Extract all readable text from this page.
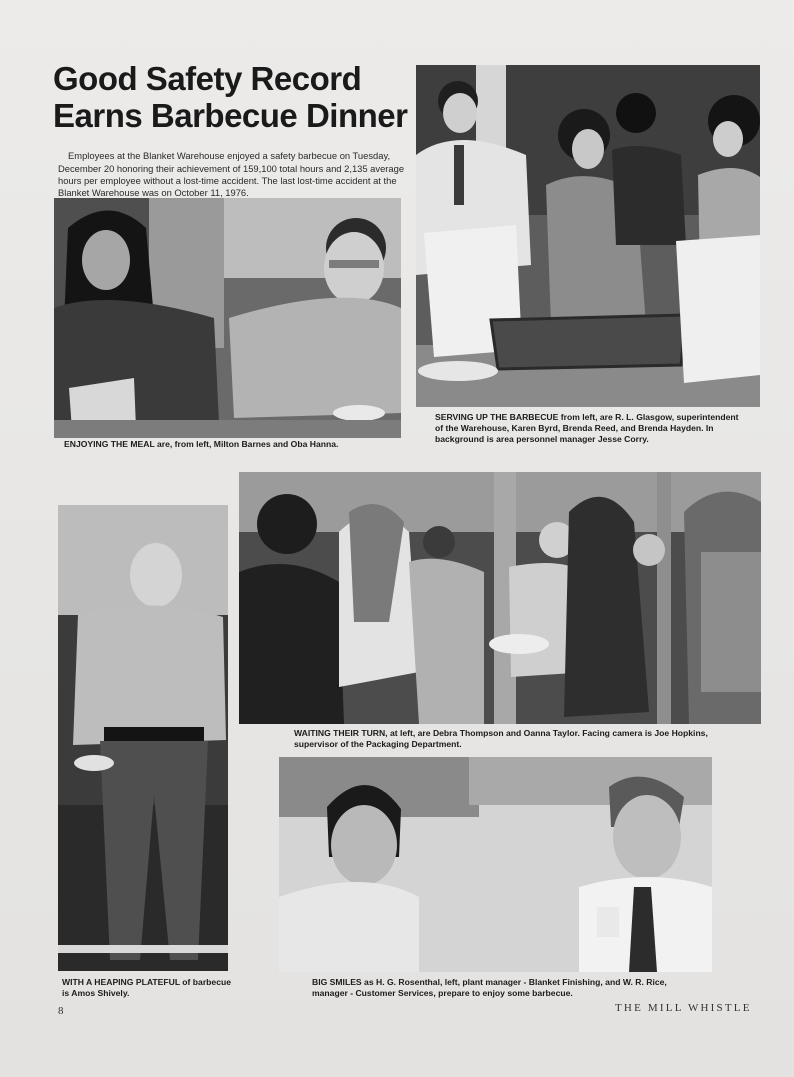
Good Safety Record
Earns Barbecue Dinner

Employees at the Blanket Warehouse enjoyed a safety barbecue on Tuesday, December 20 honoring their achievement of 159,100 total hours and 2,135 average hours per employee without a lost-time accident. The last lost-time accident at the Blanket Warehouse was on October 11, 1976.

SERVING UP THE BARBECUE from left, are R. L. Glasgow, superintendent of the Warehouse, Karen Byrd, Brenda Reed, and Brenda Hayden. In background is area personnel manager Jesse Corry.

ENJOYING THE MEAL are, from left, Milton Barnes and Oba Hanna.

WAITING THEIR TURN, at left, are Debra Thompson and Oanna Taylor. Facing camera is Joe Hopkins, supervisor of the Packaging Department.

WITH A HEAPING PLATEFUL of barbecue is Amos Shively.

BIG SMILES as H. G. Rosenthal, left, plant manager - Blanket Finishing, and W. R. Rice, manager - Customer Services, prepare to enjoy some barbecue.

8	THE MILL WHISTLE
